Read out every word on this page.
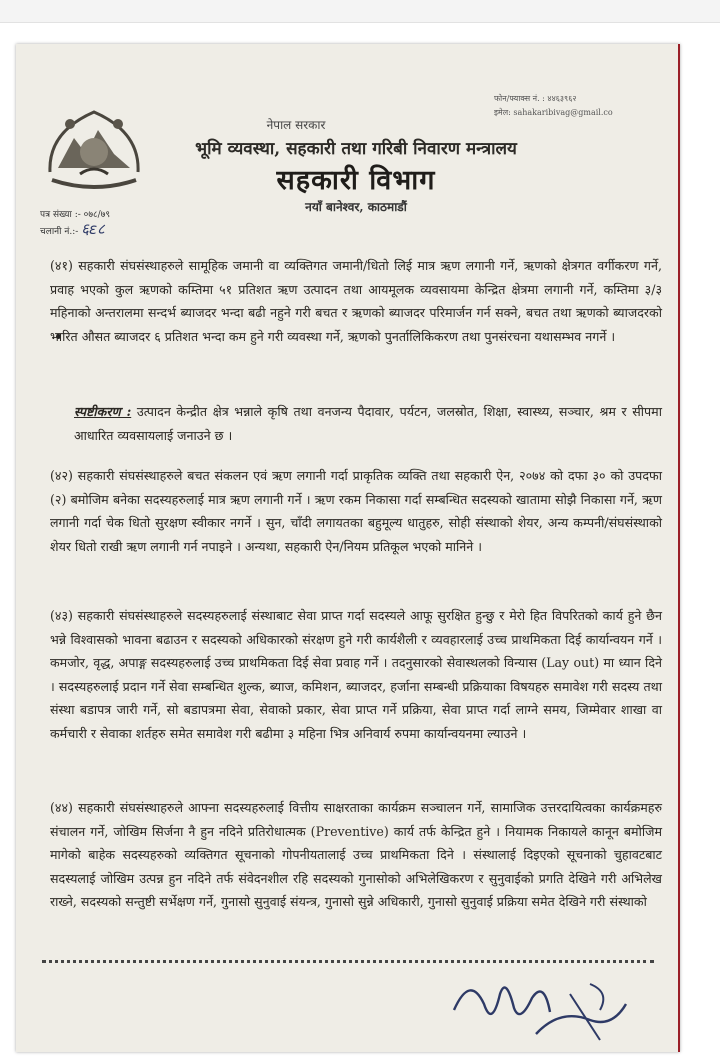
नेपाल सरकार
भूमि व्यवस्था, सहकारी तथा गरिबी निवारण मन्त्रालय
सहकारी विभाग
नयाँ बानेश्वर, काठमाडौं
फोन/फ्याक्स नं. : ४४६३९६२
इमेल: sahakaribivag@gmail.co
पत्र संख्या :- ०७८/७९
चलानी नं.:- ६ε८
(४१) सहकारी संघसंस्थाहरुले सामूहिक जमानी वा व्यक्तिगत जमानी/धितो लिई मात्र ऋण लगानी गर्ने, ऋणको क्षेत्रगत वर्गीकरण गर्ने, प्रवाह भएको कुल ऋणको कम्तिमा ५१ प्रतिशत ऋण उत्पादन तथा आयमूलक व्यवसायमा केन्द्रित क्षेत्रमा लगानी गर्ने, कम्तिमा ३/३ महिनाको अन्तरालमा सन्दर्भ ब्याजदर भन्दा बढी नहुने गरी बचत र ऋणको ब्याजदर परिमार्जन गर्न सक्ने, बचत तथा ऋणको ब्याजदरको भारित औसत ब्याजदर ६ प्रतिशत भन्दा कम हुने गरी व्यवस्था गर्ने, ऋणको पुनर्तालिकिकरण तथा पुनसंरचना यथासम्भव नगर्ने ।
स्पष्टीकरण : उत्पादन केन्द्रीत क्षेत्र भन्नाले कृषि तथा वनजन्य पैदावार, पर्यटन, जलस्रोत, शिक्षा, स्वास्थ्य, सञ्चार, श्रम र सीपमा आधारित व्यवसायलाई जनाउने छ ।
(४२) सहकारी संघसंस्थाहरुले बचत संकलन एवं ऋण लगानी गर्दा प्राकृतिक व्यक्ति तथा सहकारी ऐन, २०७४ को दफा ३० को उपदफा (२) बमोजिम बनेका सदस्यहरुलाई मात्र ऋण लगानी गर्ने । ऋण रकम निकासा गर्दा सम्बन्धित सदस्यको खातामा सोझै निकासा गर्ने, ऋण लगानी गर्दा चेक धितो सुरक्षण स्वीकार नगर्ने । सुन, चाँदी लगायतका बहुमूल्य धातुहरु, सोही संस्थाको शेयर, अन्य कम्पनी/संघसंस्थाको शेयर धितो राखी ऋण लगानी गर्न नपाइने । अन्यथा, सहकारी ऐन/नियम प्रतिकूल भएको मानिने ।
(४३) सहकारी संघसंस्थाहरुले सदस्यहरुलाई संस्थाबाट सेवा प्राप्त गर्दा सदस्यले आफू सुरक्षित हुन्छु र मेरो हित विपरितको कार्य हुने छैन भन्ने विश्वासको भावना बढाउन र सदस्यको अधिकारको संरक्षण हुने गरी कार्यशैली र व्यवहारलाई उच्च प्राथमिकता दिई कार्यान्वयन गर्ने । कमजोर, वृद्ध, अपाङ्ग सदस्यहरुलाई उच्च प्राथमिकता दिई सेवा प्रवाह गर्ने । तदनुसारको सेवास्थलको विन्यास (Lay out) मा ध्यान दिने । सदस्यहरुलाई प्रदान गर्ने सेवा सम्बन्धित शुल्क, ब्याज, कमिशन, ब्याजदर, हर्जाना सम्बन्धी प्रक्रियाका विषयहरु समावेश गरी सदस्य तथा संस्था बडापत्र जारी गर्ने, सो बडापत्रमा सेवा, सेवाको प्रकार, सेवा प्राप्त गर्ने प्रक्रिया, सेवा प्राप्त गर्दा लाग्ने समय, जिम्मेवार शाखा वा कर्मचारी र सेवाका शर्तहरु समेत समावेश गरी बढीमा ३ महिना भित्र अनिवार्य रुपमा कार्यान्वयनमा ल्याउने ।
(४४) सहकारी संघसंस्थाहरुले आफ्ना सदस्यहरुलाई वित्तीय साक्षरताका कार्यक्रम सञ्चालन गर्ने, सामाजिक उत्तरदायित्वका कार्यक्रमहरु संचालन गर्ने, जोखिम सिर्जना नै हुन नदिने प्रतिरोधात्मक (Preventive) कार्य तर्फ केन्द्रित हुने । नियामक निकायले कानून बमोजिम मागेको बाहेक सदस्यहरुको व्यक्तिगत सूचनाको गोपनीयतालाई उच्च प्राथमिकता दिने । संस्थालाई दिइएको सूचनाको चुहावटबाट सदस्यलाई जोखिम उत्पन्न हुन नदिने तर्फ संवेदनशील रहि सदस्यको गुनासोको अभिलेखिकरण र सुनुवाईको प्रगति देखिने गरी अभिलेख राख्ने, सदस्यको सन्तुष्टी सर्भेक्षण गर्ने, गुनासो सुनुवाई संयन्त्र, गुनासो सुन्ने अधिकारी, गुनासो सुनुवाई प्रक्रिया समेत देखिने गरी संस्थाको
